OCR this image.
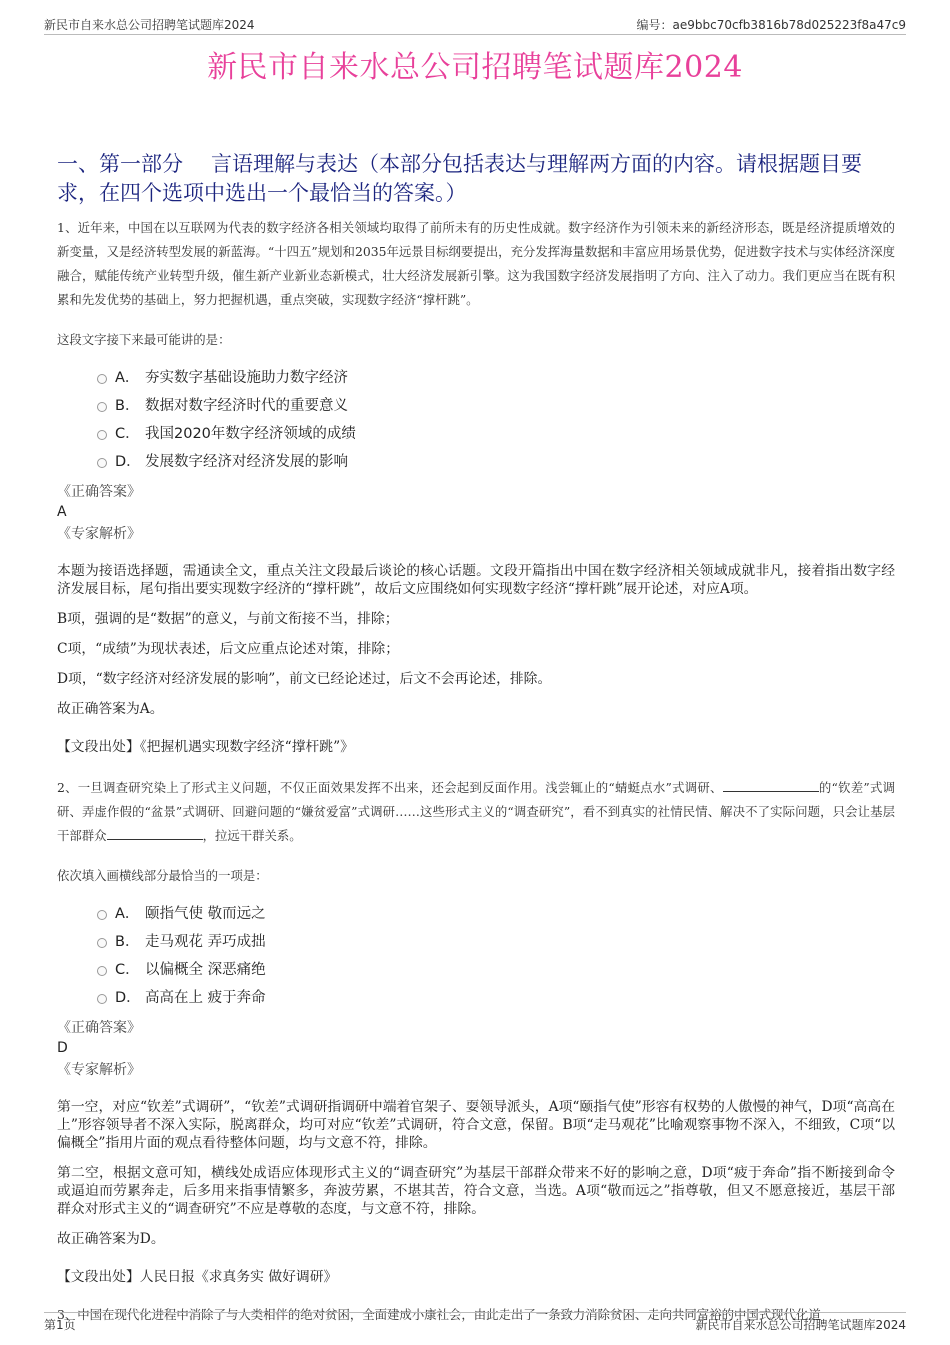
新民市自来水总公司招聘笔试题库2024	编号：ae9bbc70cfb3816b78d025223f8a47c9
新民市自来水总公司招聘笔试题库2024
一、第一部分 言语理解与表达（本部分包括表达与理解两方面的内容。请根据题目要求，在四个选项中选出一个最恰当的答案。）

1、近年来，中国在以互联网为代表的数字经济各相关领域均取得了前所未有的历史性成就。数字经济作为引领未来的新经济形态，既是经济提质增效的新变量，又是经济转型发展的新蓝海。“十四五”规划和2035年远景目标纲要提出，充分发挥海量数据和丰富应用场景优势，促进数字技术与实体经济深度融合，赋能传统产业转型升级，催生新产业新业态新模式，壮大经济发展新引擎。这为我国数字经济发展指明了方向、注入了动力。我们更应当在既有积累和先发优势的基础上，努力把握机遇，重点突破，实现数字经济“撑杆跳”。

这段文字接下来最可能讲的是：
A． 夯实数字基础设施助力数字经济
B． 数据对数字经济时代的重要意义
C． 我国2020年数字经济领域的成绩
D． 发展数字经济对经济发展的影响
《正确答案》
A
《专家解析》

本题为接语选择题，需通读全文，重点关注文段最后谈论的核心话题。文段开篇指出中国在数字经济相关领域成就非凡，接着指出数字经济发展目标，尾句指出要实现数字经济的“撑杆跳”，故后文应围绕如何实现数字经济“撑杆跳”展开论述，对应A项。

B项，强调的是“数据”的意义，与前文衔接不当，排除；

C项，“成绩”为现状表述，后文应重点论述对策，排除；

D项，“数字经济对经济发展的影响”，前文已经论述过，后文不会再论述，排除。

故正确答案为A。

【文段出处】《把握机遇实现数字经济“撑杆跳”》

2、一旦调查研究染上了形式主义问题，不仅正面效果发挥不出来，还会起到反面作用。浅尝辄止的“蜻蜓点水”式调研、	的“钦差”式调研、弄虚作假的“盆景”式调研、回避问题的“嫌贫爱富”式调研……这些形式主义的“调查研究”，看不到真实的社情民情、解决不了实际问题，只会让基层干部群众	，拉远干群关系。

依次填入画横线部分最恰当的一项是：
A． 颐指气使 敬而远之
B． 走马观花 弄巧成拙
C． 以偏概全 深恶痛绝
D． 高高在上 疲于奔命
《正确答案》
D
《专家解析》

第一空，对应“钦差”式调研”，“钦差”式调研指调研中端着官架子、耍领导派头，A项“颐指气使”形容有权势的人傲慢的神气，D项“高高在上”形容领导者不深入实际，脱离群众，均可对应“钦差”式调研，符合文意，保留。B项“走马观花”比喻观察事物不深入，不细致，C项“以偏概全”指用片面的观点看待整体问题，均与文意不符，排除。

第二空，根据文意可知，横线处成语应体现形式主义的“调查研究”为基层干部群众带来不好的影响之意，D项“疲于奔命”指不断接到命令或逼迫而劳累奔走，后多用来指事情繁多，奔波劳累，不堪其苦，符合文意，当选。A项“敬而远之”指尊敬，但又不愿意接近，基层干部群众对形式主义的“调查研究”不应是尊敬的态度，与文意不符，排除。

故正确答案为D。

【文段出处】人民日报《求真务实 做好调研》
3、中国在现代化进程中消除了与人类相伴的绝对贫困，全面建成小康社会，由此走出了一条致力消除贫困、走向共同富裕的中国式现代化道
第1页	新民市自来水总公司招聘笔试题库2024
